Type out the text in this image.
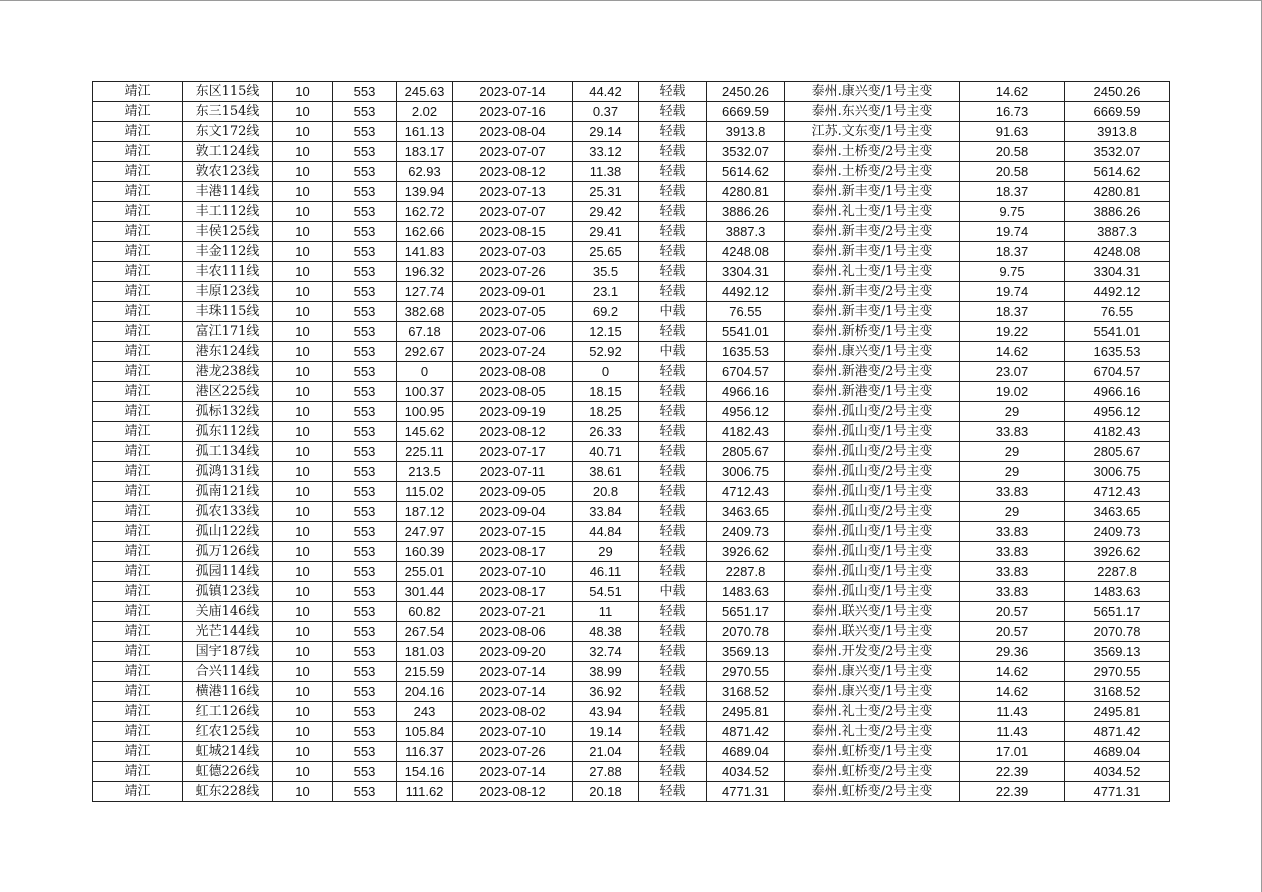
靖江	东区115线	10	553	245.63	2023-07-14	44.42	轻载	2450.26	泰州.康兴变/1号主变	14.62	2450.26
靖江	东三154线	10	553	2.02	2023-07-16	0.37	轻载	6669.59	泰州.东兴变/1号主变	16.73	6669.59
靖江	东文172线	10	553	161.13	2023-08-04	29.14	轻载	3913.8	江苏.文东变/1号主变	91.63	3913.8
靖江	敦工124线	10	553	183.17	2023-07-07	33.12	轻载	3532.07	泰州.土桥变/2号主变	20.58	3532.07
靖江	敦农123线	10	553	62.93	2023-08-12	11.38	轻载	5614.62	泰州.土桥变/2号主变	20.58	5614.62
靖江	丰港114线	10	553	139.94	2023-07-13	25.31	轻载	4280.81	泰州.新丰变/1号主变	18.37	4280.81
靖江	丰工112线	10	553	162.72	2023-07-07	29.42	轻载	3886.26	泰州.礼士变/1号主变	9.75	3886.26
靖江	丰侯125线	10	553	162.66	2023-08-15	29.41	轻载	3887.3	泰州.新丰变/2号主变	19.74	3887.3
靖江	丰金112线	10	553	141.83	2023-07-03	25.65	轻载	4248.08	泰州.新丰变/1号主变	18.37	4248.08
靖江	丰农111线	10	553	196.32	2023-07-26	35.5	轻载	3304.31	泰州.礼士变/1号主变	9.75	3304.31
靖江	丰原123线	10	553	127.74	2023-09-01	23.1	轻载	4492.12	泰州.新丰变/2号主变	19.74	4492.12
靖江	丰珠115线	10	553	382.68	2023-07-05	69.2	中载	76.55	泰州.新丰变/1号主变	18.37	76.55
靖江	富江171线	10	553	67.18	2023-07-06	12.15	轻载	5541.01	泰州.新桥变/1号主变	19.22	5541.01
靖江	港东124线	10	553	292.67	2023-07-24	52.92	中载	1635.53	泰州.康兴变/1号主变	14.62	1635.53
靖江	港龙238线	10	553	0	2023-08-08	0	轻载	6704.57	泰州.新港变/2号主变	23.07	6704.57
靖江	港区225线	10	553	100.37	2023-08-05	18.15	轻载	4966.16	泰州.新港变/1号主变	19.02	4966.16
靖江	孤标132线	10	553	100.95	2023-09-19	18.25	轻载	4956.12	泰州.孤山变/2号主变	29	4956.12
靖江	孤东112线	10	553	145.62	2023-08-12	26.33	轻载	4182.43	泰州.孤山变/1号主变	33.83	4182.43
靖江	孤工134线	10	553	225.11	2023-07-17	40.71	轻载	2805.67	泰州.孤山变/2号主变	29	2805.67
靖江	孤鸿131线	10	553	213.5	2023-07-11	38.61	轻载	3006.75	泰州.孤山变/2号主变	29	3006.75
靖江	孤南121线	10	553	115.02	2023-09-05	20.8	轻载	4712.43	泰州.孤山变/1号主变	33.83	4712.43
靖江	孤农133线	10	553	187.12	2023-09-04	33.84	轻载	3463.65	泰州.孤山变/2号主变	29	3463.65
靖江	孤山122线	10	553	247.97	2023-07-15	44.84	轻载	2409.73	泰州.孤山变/1号主变	33.83	2409.73
靖江	孤万126线	10	553	160.39	2023-08-17	29	轻载	3926.62	泰州.孤山变/1号主变	33.83	3926.62
靖江	孤园114线	10	553	255.01	2023-07-10	46.11	轻载	2287.8	泰州.孤山变/1号主变	33.83	2287.8
靖江	孤镇123线	10	553	301.44	2023-08-17	54.51	中载	1483.63	泰州.孤山变/1号主变	33.83	1483.63
靖江	关庙146线	10	553	60.82	2023-07-21	11	轻载	5651.17	泰州.联兴变/1号主变	20.57	5651.17
靖江	光芒144线	10	553	267.54	2023-08-06	48.38	轻载	2070.78	泰州.联兴变/1号主变	20.57	2070.78
靖江	国宇187线	10	553	181.03	2023-09-20	32.74	轻载	3569.13	泰州.开发变/2号主变	29.36	3569.13
靖江	合兴114线	10	553	215.59	2023-07-14	38.99	轻载	2970.55	泰州.康兴变/1号主变	14.62	2970.55
靖江	横港116线	10	553	204.16	2023-07-14	36.92	轻载	3168.52	泰州.康兴变/1号主变	14.62	3168.52
靖江	红工126线	10	553	243	2023-08-02	43.94	轻载	2495.81	泰州.礼士变/2号主变	11.43	2495.81
靖江	红农125线	10	553	105.84	2023-07-10	19.14	轻载	4871.42	泰州.礼士变/2号主变	11.43	4871.42
靖江	虹城214线	10	553	116.37	2023-07-26	21.04	轻载	4689.04	泰州.虹桥变/1号主变	17.01	4689.04
靖江	虹德226线	10	553	154.16	2023-07-14	27.88	轻载	4034.52	泰州.虹桥变/2号主变	22.39	4034.52
靖江	虹东228线	10	553	111.62	2023-08-12	20.18	轻载	4771.31	泰州.虹桥变/2号主变	22.39	4771.31
